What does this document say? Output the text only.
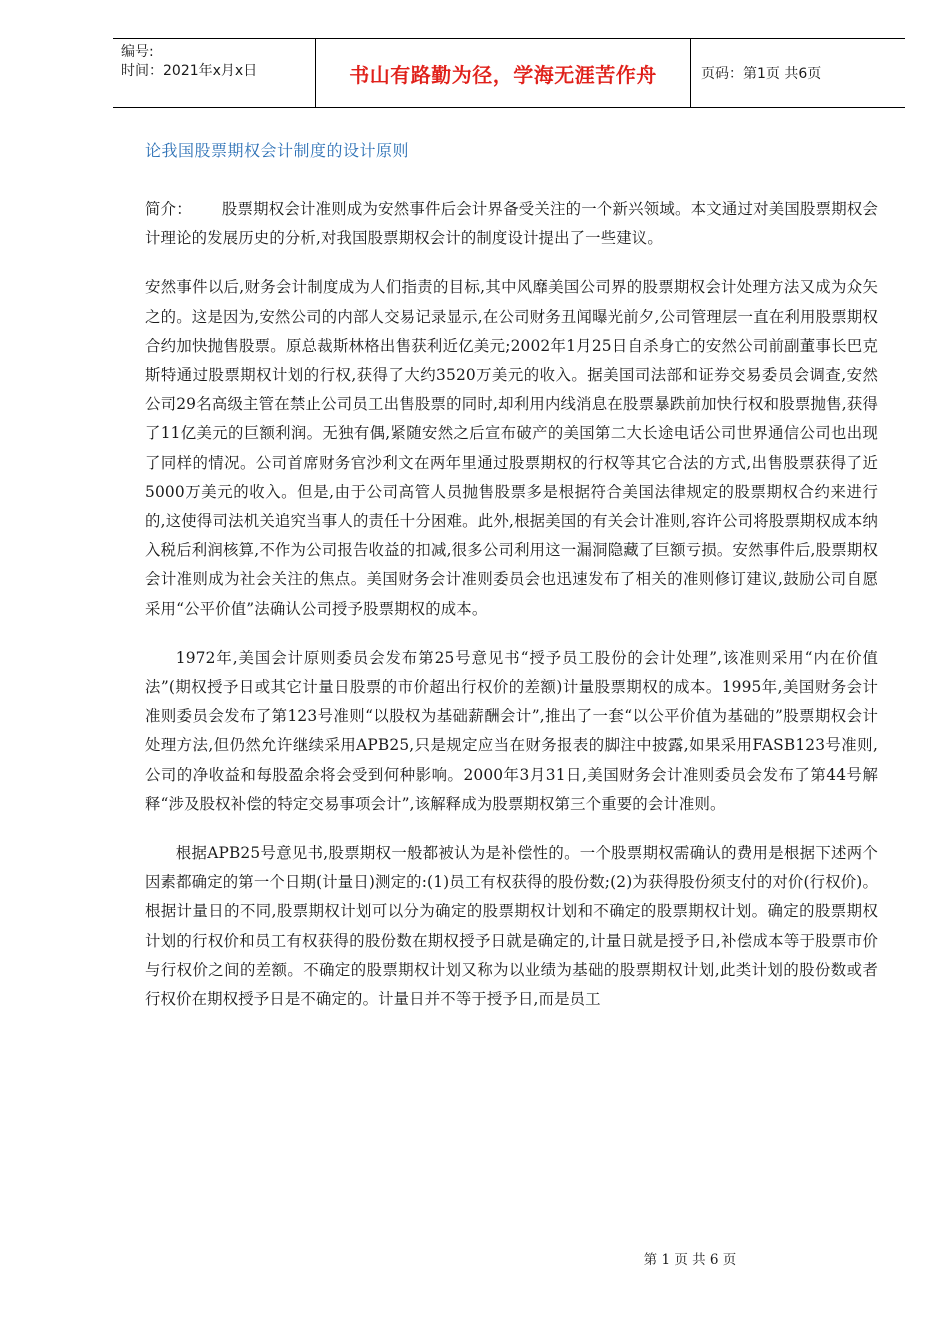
编号:
时间：2021年x月x日	书山有路勤为径，学海无涯苦作舟	页码：第1页 共6页
论我国股票期权会计制度的设计原则

简介： 股票期权会计准则成为安然事件后会计界备受关注的一个新兴领域。本文通过对美国股票期权会计理论的发展历史的分析,对我国股票期权会计的制度设计提出了一些建议。

安然事件以后,财务会计制度成为人们指责的目标,其中风靡美国公司界的股票期权会计处理方法又成为众矢之的。这是因为,安然公司的内部人交易记录显示,在公司财务丑闻曝光前夕,公司管理层一直在利用股票期权合约加快抛售股票。原总裁斯林格出售获利近亿美元;2002年1月25日自杀身亡的安然公司前副董事长巴克斯特通过股票期权计划的行权,获得了大约3520万美元的收入。据美国司法部和证券交易委员会调查,安然公司29名高级主管在禁止公司员工出售股票的同时,却利用内线消息在股票暴跌前加快行权和股票抛售,获得了11亿美元的巨额利润。无独有偶,紧随安然之后宣布破产的美国第二大长途电话公司世界通信公司也出现了同样的情况。公司首席财务官沙利文在两年里通过股票期权的行权等其它合法的方式,出售股票获得了近5000万美元的收入。但是,由于公司高管人员抛售股票多是根据符合美国法律规定的股票期权合约来进行的,这使得司法机关追究当事人的责任十分困难。此外,根据美国的有关会计准则,容许公司将股票期权成本纳入税后利润核算,不作为公司报告收益的扣减,很多公司利用这一漏洞隐藏了巨额亏损。安然事件后,股票期权会计准则成为社会关注的焦点。美国财务会计准则委员会也迅速发布了相关的准则修订建议,鼓励公司自愿采用“公平价值”法确认公司授予股票期权的成本。

1972年,美国会计原则委员会发布第25号意见书“授予员工股份的会计处理”,该准则采用“内在价值法”(期权授予日或其它计量日股票的市价超出行权价的差额)计量股票期权的成本。1995年,美国财务会计准则委员会发布了第123号准则“以股权为基础薪酬会计”,推出了一套“以公平价值为基础的”股票期权会计处理方法,但仍然允许继续采用APB25,只是规定应当在财务报表的脚注中披露,如果采用FASB123号准则,公司的净收益和每股盈余将会受到何种影响。2000年3月31日,美国财务会计准则委员会发布了第44号解释“涉及股权补偿的特定交易事项会计”,该解释成为股票期权第三个重要的会计准则。

根据APB25号意见书,股票期权一般都被认为是补偿性的。一个股票期权需确认的费用是根据下述两个因素都确定的第一个日期(计量日)测定的:(1)员工有权获得的股份数;(2)为获得股份须支付的对价(行权价)。根据计量日的不同,股票期权计划可以分为确定的股票期权计划和不确定的股票期权计划。确定的股票期权计划的行权价和员工有权获得的股份数在期权授予日就是确定的,计量日就是授予日,补偿成本等于股票市价与行权价之间的差额。不确定的股票期权计划又称为以业绩为基础的股票期权计划,此类计划的股份数或者行权价在期权授予日是不确定的。计量日并不等于授予日,而是员工

第 1 页 共 6 页
